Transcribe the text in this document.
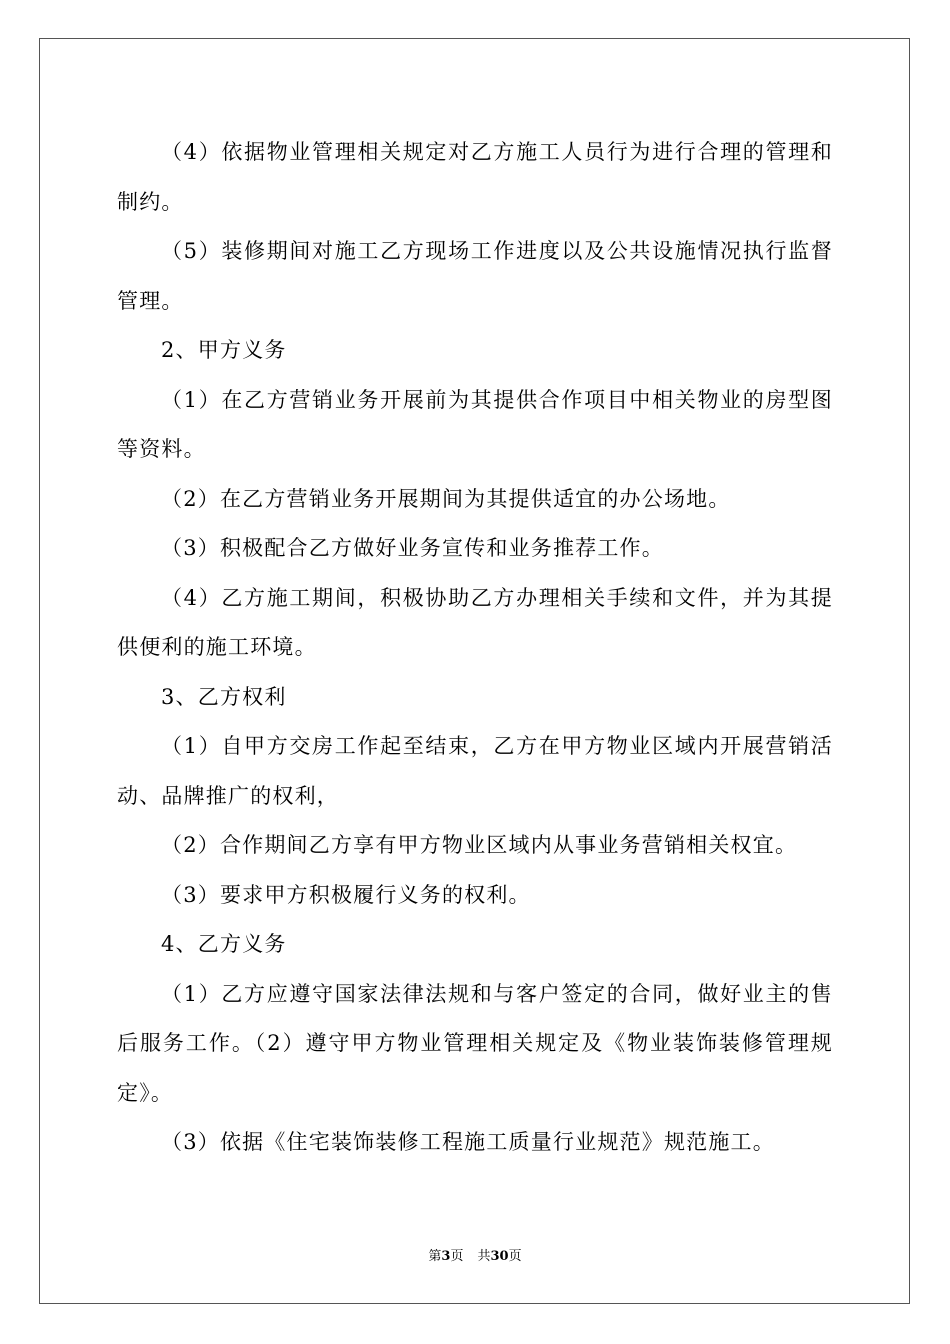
（4）依据物业管理相关规定对乙方施工人员行为进行合理的管理和制约。

（5）装修期间对施工乙方现场工作进度以及公共设施情况执行监督管理。

2、甲方义务

（1）在乙方营销业务开展前为其提供合作项目中相关物业的房型图等资料。

（2）在乙方营销业务开展期间为其提供适宜的办公场地。

（3）积极配合乙方做好业务宣传和业务推荐工作。

（4）乙方施工期间，积极协助乙方办理相关手续和文件，并为其提供便利的施工环境。

3、乙方权利

（1）自甲方交房工作起至结束，乙方在甲方物业区域内开展营销活动、品牌推广的权利，

（2）合作期间乙方享有甲方物业区域内从事业务营销相关权宜。

（3）要求甲方积极履行义务的权利。

4、乙方义务

（1）乙方应遵守国家法律法规和与客户签定的合同，做好业主的售后服务工作。（2）遵守甲方物业管理相关规定及《物业装饰装修管理规定》。

（3）依据《住宅装饰装修工程施工质量行业规范》规范施工。

第3页 共30页
